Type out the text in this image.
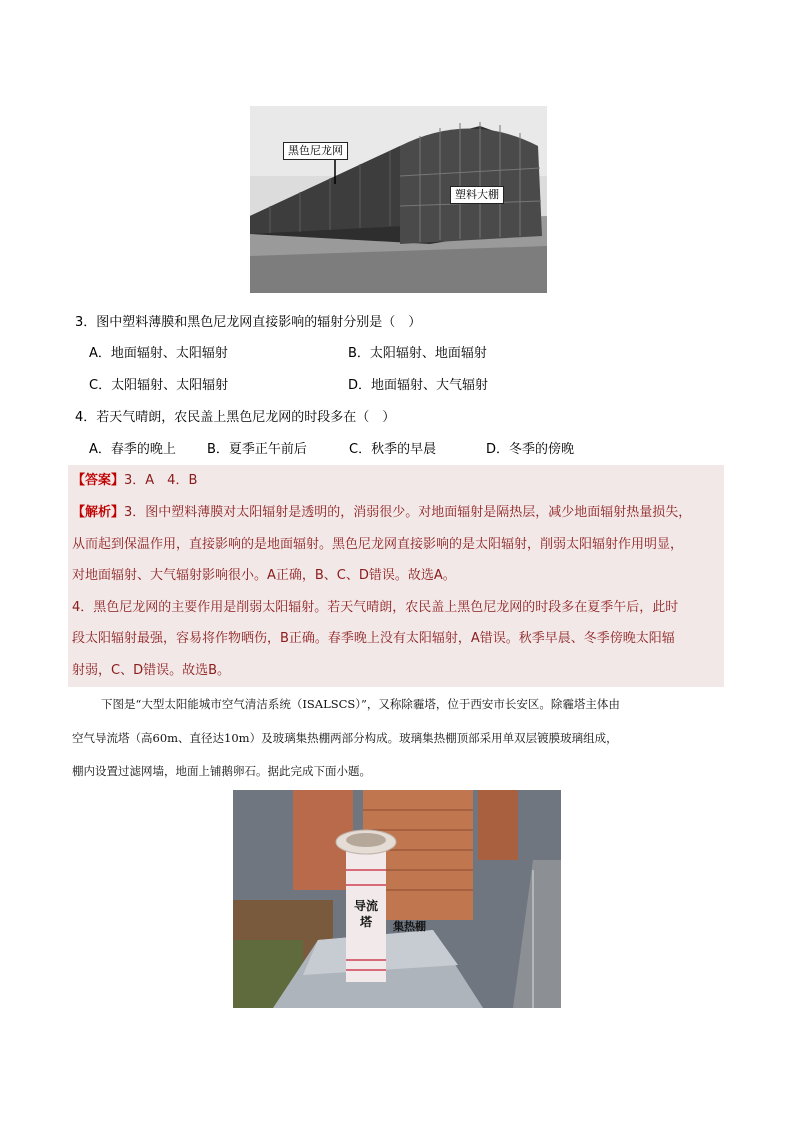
黑色尼龙网
塑料大棚
3．图中塑料薄膜和黑色尼龙网直接影响的辐射分别是（　）
A．地面辐射、太阳辐射	B．太阳辐射、地面辐射
C．太阳辐射、太阳辐射	D．地面辐射、大气辐射
4．若天气晴朗，农民盖上黑色尼龙网的时段多在（　）
A．春季的晚上 B．夏季正午前后	C．秋季的早晨	D．冬季的傍晚
【答案】3．A　4．B
【解析】3．图中塑料薄膜对太阳辐射是透明的，消弱很少。对地面辐射是隔热层，减少地面辐射热量损失，
从而起到保温作用，直接影响的是地面辐射。黑色尼龙网直接影响的是太阳辐射，削弱太阳辐射作用明显，
对地面辐射、大气辐射影响很小。A正确，B、C、D错误。故选A。
4．黑色尼龙网的主要作用是削弱太阳辐射。若天气晴朗，农民盖上黑色尼龙网的时段多在夏季午后，此时
段太阳辐射最强，容易将作物晒伤，B正确。春季晚上没有太阳辐射，A错误。秋季早晨、冬季傍晚太阳辐
射弱，C、D错误。故选B。
下图是“大型太阳能城市空气清洁系统（ISALSCS）”，又称除霾塔，位于西安市长安区。除霾塔主体由
空气导流塔（高60m、直径达10m）及玻璃集热棚两部分构成。玻璃集热棚顶部采用单双层镀膜玻璃组成，
棚内设置过滤网墙，地面上铺鹅卵石。据此完成下面小题。
导流塔	集热棚
